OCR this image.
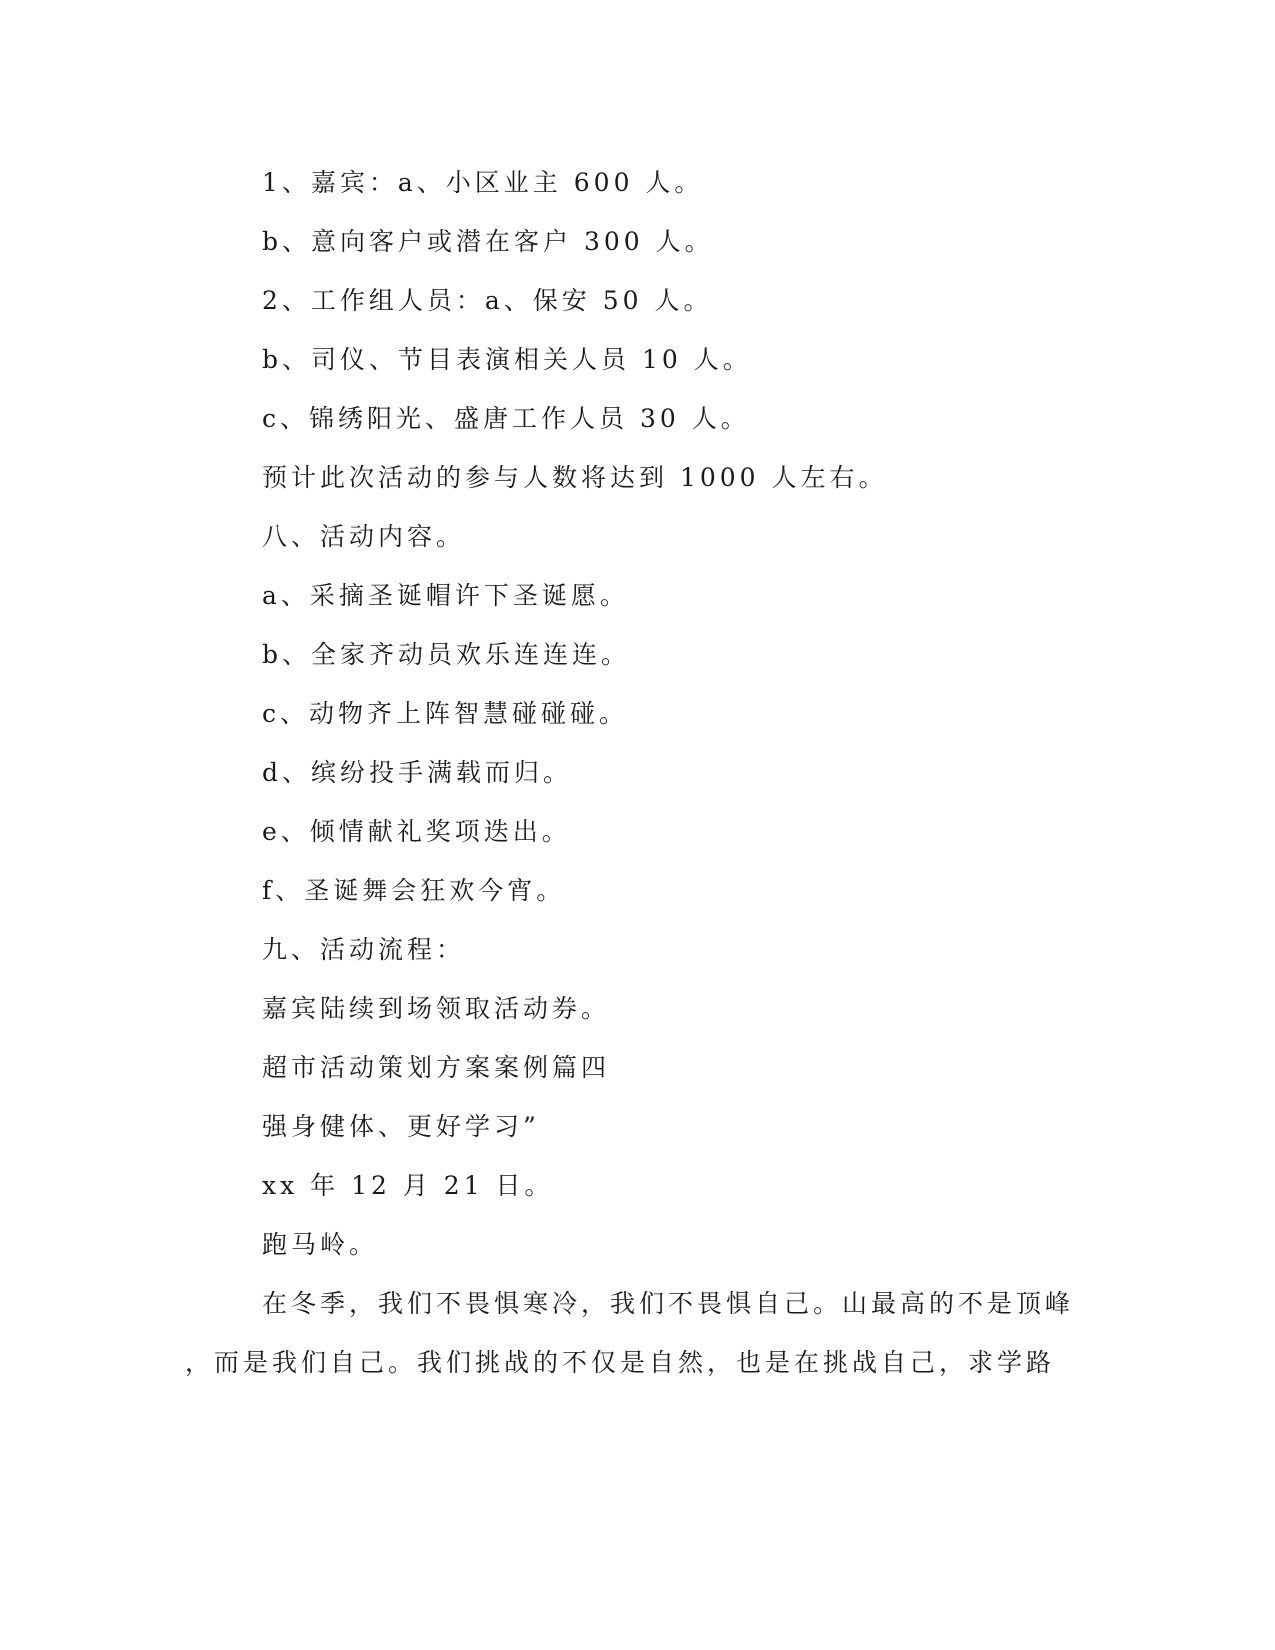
1、嘉宾：a、小区业主 600 人。
b、意向客户或潜在客户 300 人。
2、工作组人员：a、保安 50 人。
b、司仪、节目表演相关人员 10 人。
c、锦绣阳光、盛唐工作人员 30 人。
预计此次活动的参与人数将达到 1000 人左右。
八、活动内容。
a、采摘圣诞帽许下圣诞愿。
b、全家齐动员欢乐连连连。
c、动物齐上阵智慧碰碰碰。
d、缤纷投手满载而归。
e、倾情献礼奖项迭出。
f、圣诞舞会狂欢今宵。
九、活动流程：
嘉宾陆续到场领取活动券。
超市活动策划方案案例篇四
强身健体、更好学习”
xx 年 12 月 21 日。
跑马岭。
在冬季，我们不畏惧寒冷，我们不畏惧自己。山最高的不是顶峰
，而是我们自己。我们挑战的不仅是自然，也是在挑战自己，求学路
